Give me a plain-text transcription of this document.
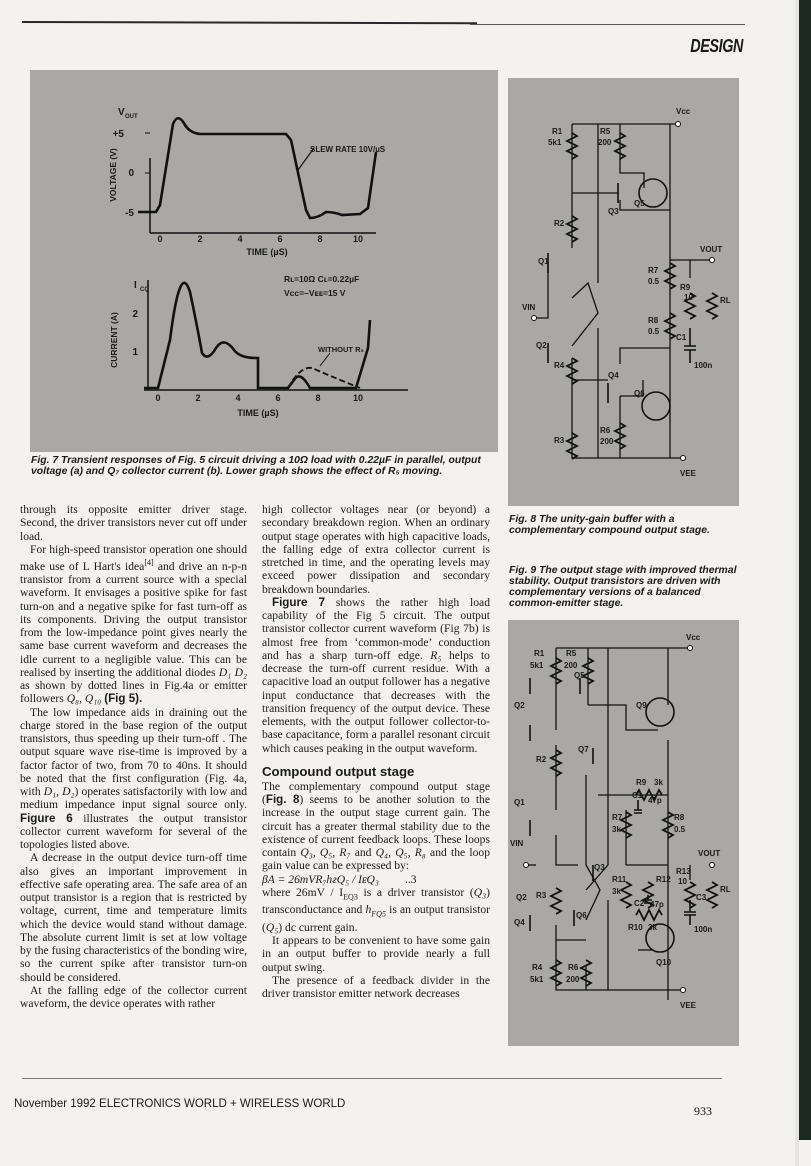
DESIGN
V OUT
+5
0
-5
VOLTAGE (V)
0	2	4	6	8	10
TIME (µS)
SLEW RATE 10V/µS
I CQ
2
1
CURRENT (A)
0	2	4	6	8	10
TIME (µS)
Rʟ=10Ω Cʟ=0.22µF
Vcc=–Vᴇᴇ=15 V
WITHOUT R₅
Fig. 7 Transient responses of Fig. 5 circuit driving a 10Ω load with 0.22µF in parallel, output voltage (a) and Q₇ collector current (b). Lower graph shows the effect of R₅ moving.
Vcc
VEE
VIN
VOUT
R1
5k1
R5
200
R2
R4
R3
R6
200
R7
0.5
R8
0.5
R9
10	RL
C1
100n
Q1
Q2
Q3
Q4
Q5
Q6
Fig. 8 The unity-gain buffer with a complementary compound output stage.
Fig. 9 The output stage with improved thermal stability. Output transistors are driven with complementary versions of a balanced common-emitter stage.
Vcc
VEE
VIN
VOUT
R1
5k1
R5
200
R2
R3
R4
5k1
R6
200
R7
3k
R8
0.5
R9 3k
R10 3k
R11
3k
R12
R13
10
RL
C1
47p
C2 47p
C3
100n
Q1
Q2
Q3
Q4
Q2
Q5
Q6
Q7
Q9
Q10

through its opposite emitter driver stage. Second, the driver transistors never cut off under load.

For high-speed transistor operation one should make use of L Hart's idea[4] and drive an n-p-n transistor from a current source with a special waveform. It envisages a positive spike for fast turn-on and a negative spike for fast turn-off as its components. Driving the output transistor from the low-impedance point gives nearly the same base current waveform and decreases the idle current to a negligible value. This can be realised by inserting the additional diodes D₁ D₂ as shown by dotted lines in Fig.4a or emitter followers Q₈, Q₁₀ (Fig 5).

The low impedance aids in draining out the charge stored in the base region of the output transistors, thus speeding up their turn-off . The output square wave rise-time is improved by a factor factor of two, from 70 to 40ns. It should be noted that the first configuration (Fig. 4a, with D₁, D₂) operates satisfactorily with low and medium impedance input signal source only. Figure 6 illustrates the output transistor collector current waveform for several of the topologies listed above.

A decrease in the output device turn-off time also gives an important improvement in effective safe operating area. The safe area of an output transistor is a region that is restricted by voltage, current, time and temperature limits which the device would stand without damage. The absolute current limit is set at low voltage by the fusing characteristics of the bonding wire, so the current spike after transistor turn-on should be considered.

At the falling edge of the collector current waveform, the device operates with rather

high collector voltages near (or beyond) a secondary breakdown region. When an ordinary output stage operates with high capacitive loads, the falling edge of extra collector current is stretched in time, and the operating levels may exceed power dissipation and secondary breakdown boundaries.

Figure 7 shows the rather high load capability of the Fig 5 circuit. The output transistor collector current waveform (Fig 7b) is almost free from ‘common-mode’ conduction and has a sharp turn-off edge. R₅ helps to decrease the turn-off current residue. With a capacitive load an output follower has a negative input conductance that decreases with the transition frequency of the output device. These elements, with the output follower collector-to-base capacitance, form a parallel resonant circuit which causes peaking in the output waveform.

Compound output stage

The complementary compound output stage (Fig. 8) seems to be another solution to the increase in the output stage current gain. The circuit has a greater thermal stability due to the existence of current feedback loops. These loops contain Q₃, Q₅, R₇ and Q₄, Q₅, R₈ and the loop gain value can be expressed by:

βA = 26mVR₇hғQ₅ / IᴇQ₃ ..3

where $26mV / I_{EQ3}$ is a driver transistor (Q₃) transconductance and $h_{FQ5}$ is an output transistor (Q₅) dc current gain.

It appears to be convenient to have some gain in an output buffer to provide nearly a full output swing.

The presence of a feedback divider in the driver transistor emitter network decreases

November 1992 ELECTRONICS WORLD + WIRELESS WORLD	933
